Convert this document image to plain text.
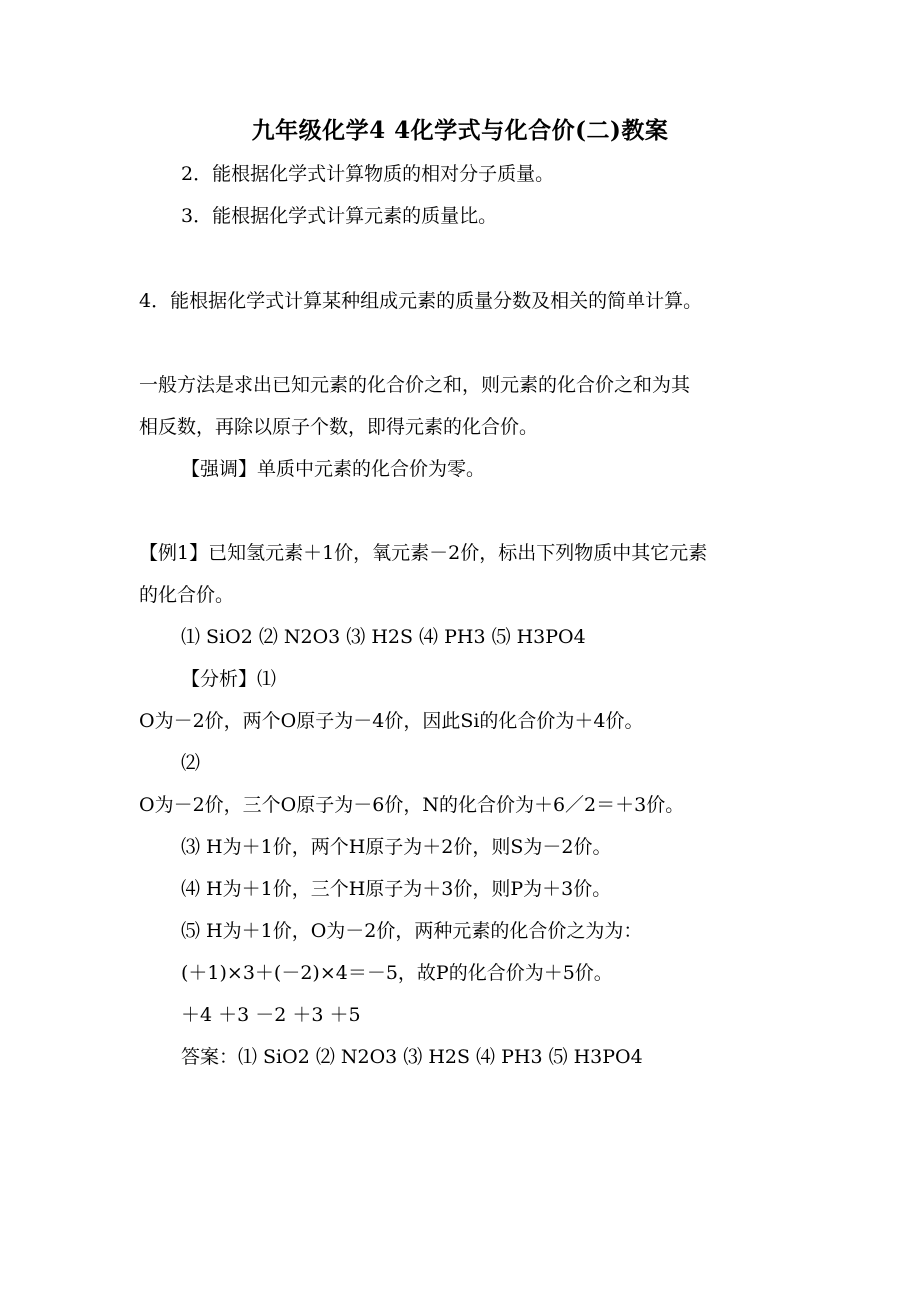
九年级化学4 4化学式与化合价(二)教案
2．能根据化学式计算物质的相对分子质量。
3．能根据化学式计算元素的质量比。
4．能根据化学式计算某种组成元素的质量分数及相关的简单计算。
一般方法是求出已知元素的化合价之和，则元素的化合价之和为其
相反数，再除以原子个数，即得元素的化合价。
【强调】单质中元素的化合价为零。
【例1】已知氢元素＋1价，氧元素－2价，标出下列物质中其它元素
的化合价。
⑴ SiO2 ⑵ N2O3 ⑶ H2S ⑷ PH3 ⑸ H3PO4
【分析】⑴
O为－2价，两个O原子为－4价，因此Si的化合价为＋4价。
⑵
O为－2价，三个O原子为－6价，N的化合价为＋6／2＝＋3价。
⑶ H为＋1价，两个H原子为＋2价，则S为－2价。
⑷ H为＋1价，三个H原子为＋3价，则P为＋3价。
⑸ H为＋1价，O为－2价，两种元素的化合价之为为：
(＋1)×3＋(－2)×4＝－5，故P的化合价为＋5价。
＋4 ＋3 －2 ＋3 ＋5
答案：⑴ SiO2 ⑵ N2O3 ⑶ H2S ⑷ PH3 ⑸ H3PO4
